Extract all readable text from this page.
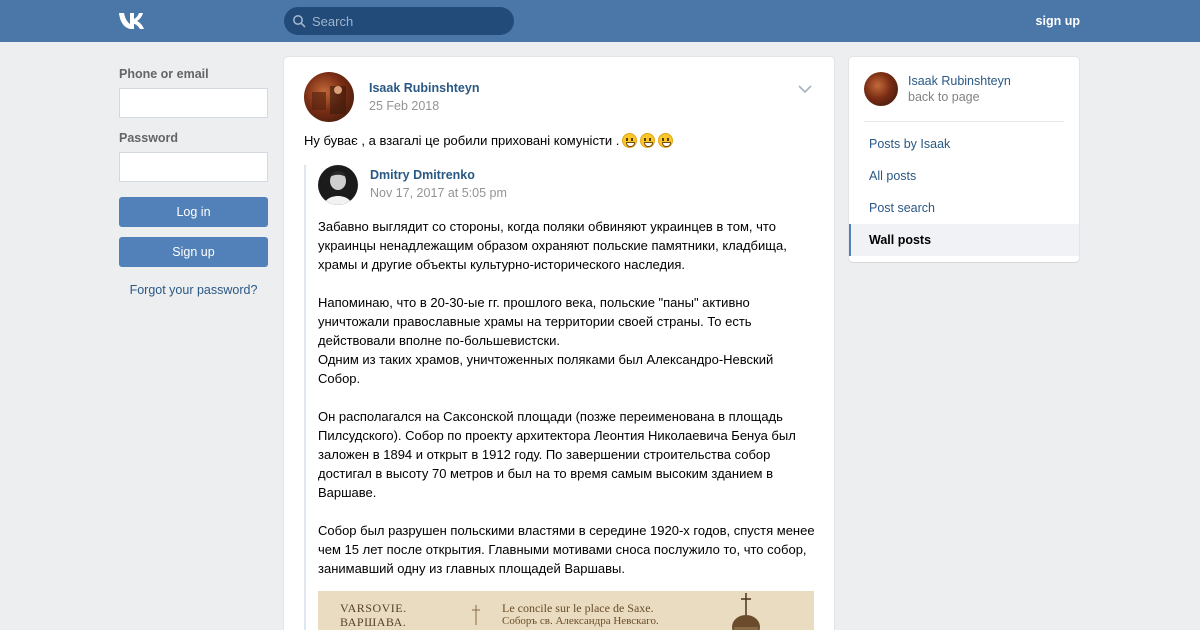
Search
sign up
Phone or email
Password
Log in
Sign up
Forgot your password?
Isaak Rubinshteyn
25 Feb 2018
Ну буває , а взагалі це робили приховані комуністи .
Dmitry Dmitrenko
Nov 17, 2017 at 5:05 pm

Забавно выглядит со стороны, когда поляки обвиняют украинцев в том, что украинцы ненадлежащим образом охраняют польские памятники, кладбища, храмы и другие объекты культурно-исторического наследия.

Напоминаю, что в 20-30-ые гг. прошлого века, польские "паны" активно уничтожали православные храмы на территории своей страны. То есть действовали вполне по-большевистски.
Одним из таких храмов, уничтоженных поляками был Александро-Невский Собор.

Он располагался на Саксонской площади (позже переименована в площадь Пилсудского). Собор по проекту архитектора Леонтия Николаевича Бенуа был заложен в 1894 и открыт в 1912 году. По завершении строительства собор достигал в высоту 70 метров и был на то время самым высоким зданием в Варшаве.

Собор был разрушен польскими властями в середине 1920-х годов, спустя менее чем 15 лет после открытия. Главными мотивами сноса послужило то, что собор, занимавший одну из главных площадей Варшавы.

VARSOVIE.
ВАРШАВА.
Le concile sur le place de Saxe.
Соборъ св. Александра Невскаго.
Isaak Rubinshteyn
back to page
Posts by Isaak
All posts
Post search
Wall posts
